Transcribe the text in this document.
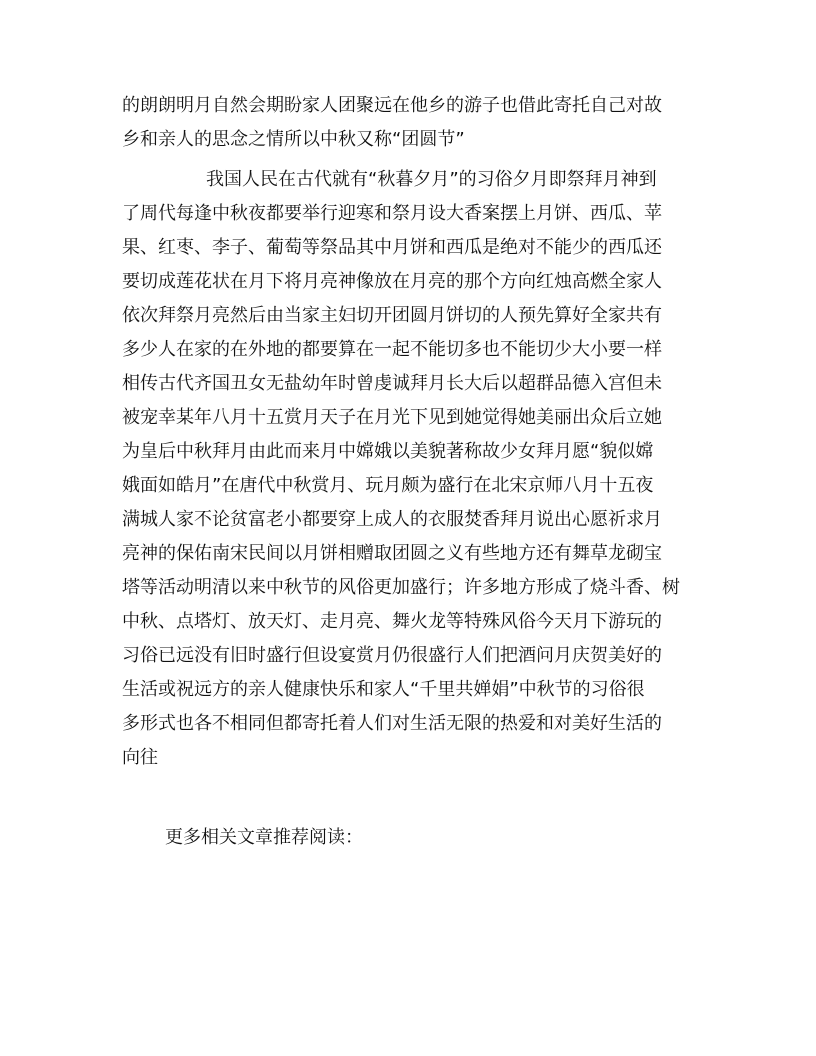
的朗朗明月自然会期盼家人团聚远在他乡的游子也借此寄托自己对故
乡和亲人的思念之情所以中秋又称“团圆节”
我国人民在古代就有“秋暮夕月”的习俗夕月即祭拜月神到
了周代每逢中秋夜都要举行迎寒和祭月设大香案摆上月饼、西瓜、苹
果、红枣、李子、葡萄等祭品其中月饼和西瓜是绝对不能少的西瓜还
要切成莲花状在月下将月亮神像放在月亮的那个方向红烛高燃全家人
依次拜祭月亮然后由当家主妇切开团圆月饼切的人预先算好全家共有
多少人在家的在外地的都要算在一起不能切多也不能切少大小要一样
相传古代齐国丑女无盐幼年时曾虔诚拜月长大后以超群品德入宫但未
被宠幸某年八月十五赏月天子在月光下见到她觉得她美丽出众后立她
为皇后中秋拜月由此而来月中嫦娥以美貌著称故少女拜月愿“貌似嫦
娥面如皓月”在唐代中秋赏月、玩月颇为盛行在北宋京师八月十五夜
满城人家不论贫富老小都要穿上成人的衣服焚香拜月说出心愿祈求月
亮神的保佑南宋民间以月饼相赠取团圆之义有些地方还有舞草龙砌宝
塔等活动明清以来中秋节的风俗更加盛行；许多地方形成了烧斗香、树
中秋、点塔灯、放天灯、走月亮、舞火龙等特殊风俗今天月下游玩的
习俗已远没有旧时盛行但设宴赏月仍很盛行人们把酒问月庆贺美好的
生活或祝远方的亲人健康快乐和家人“千里共婵娟”中秋节的习俗很
多形式也各不相同但都寄托着人们对生活无限的热爱和对美好生活的
向往
更多相关文章推荐阅读：
